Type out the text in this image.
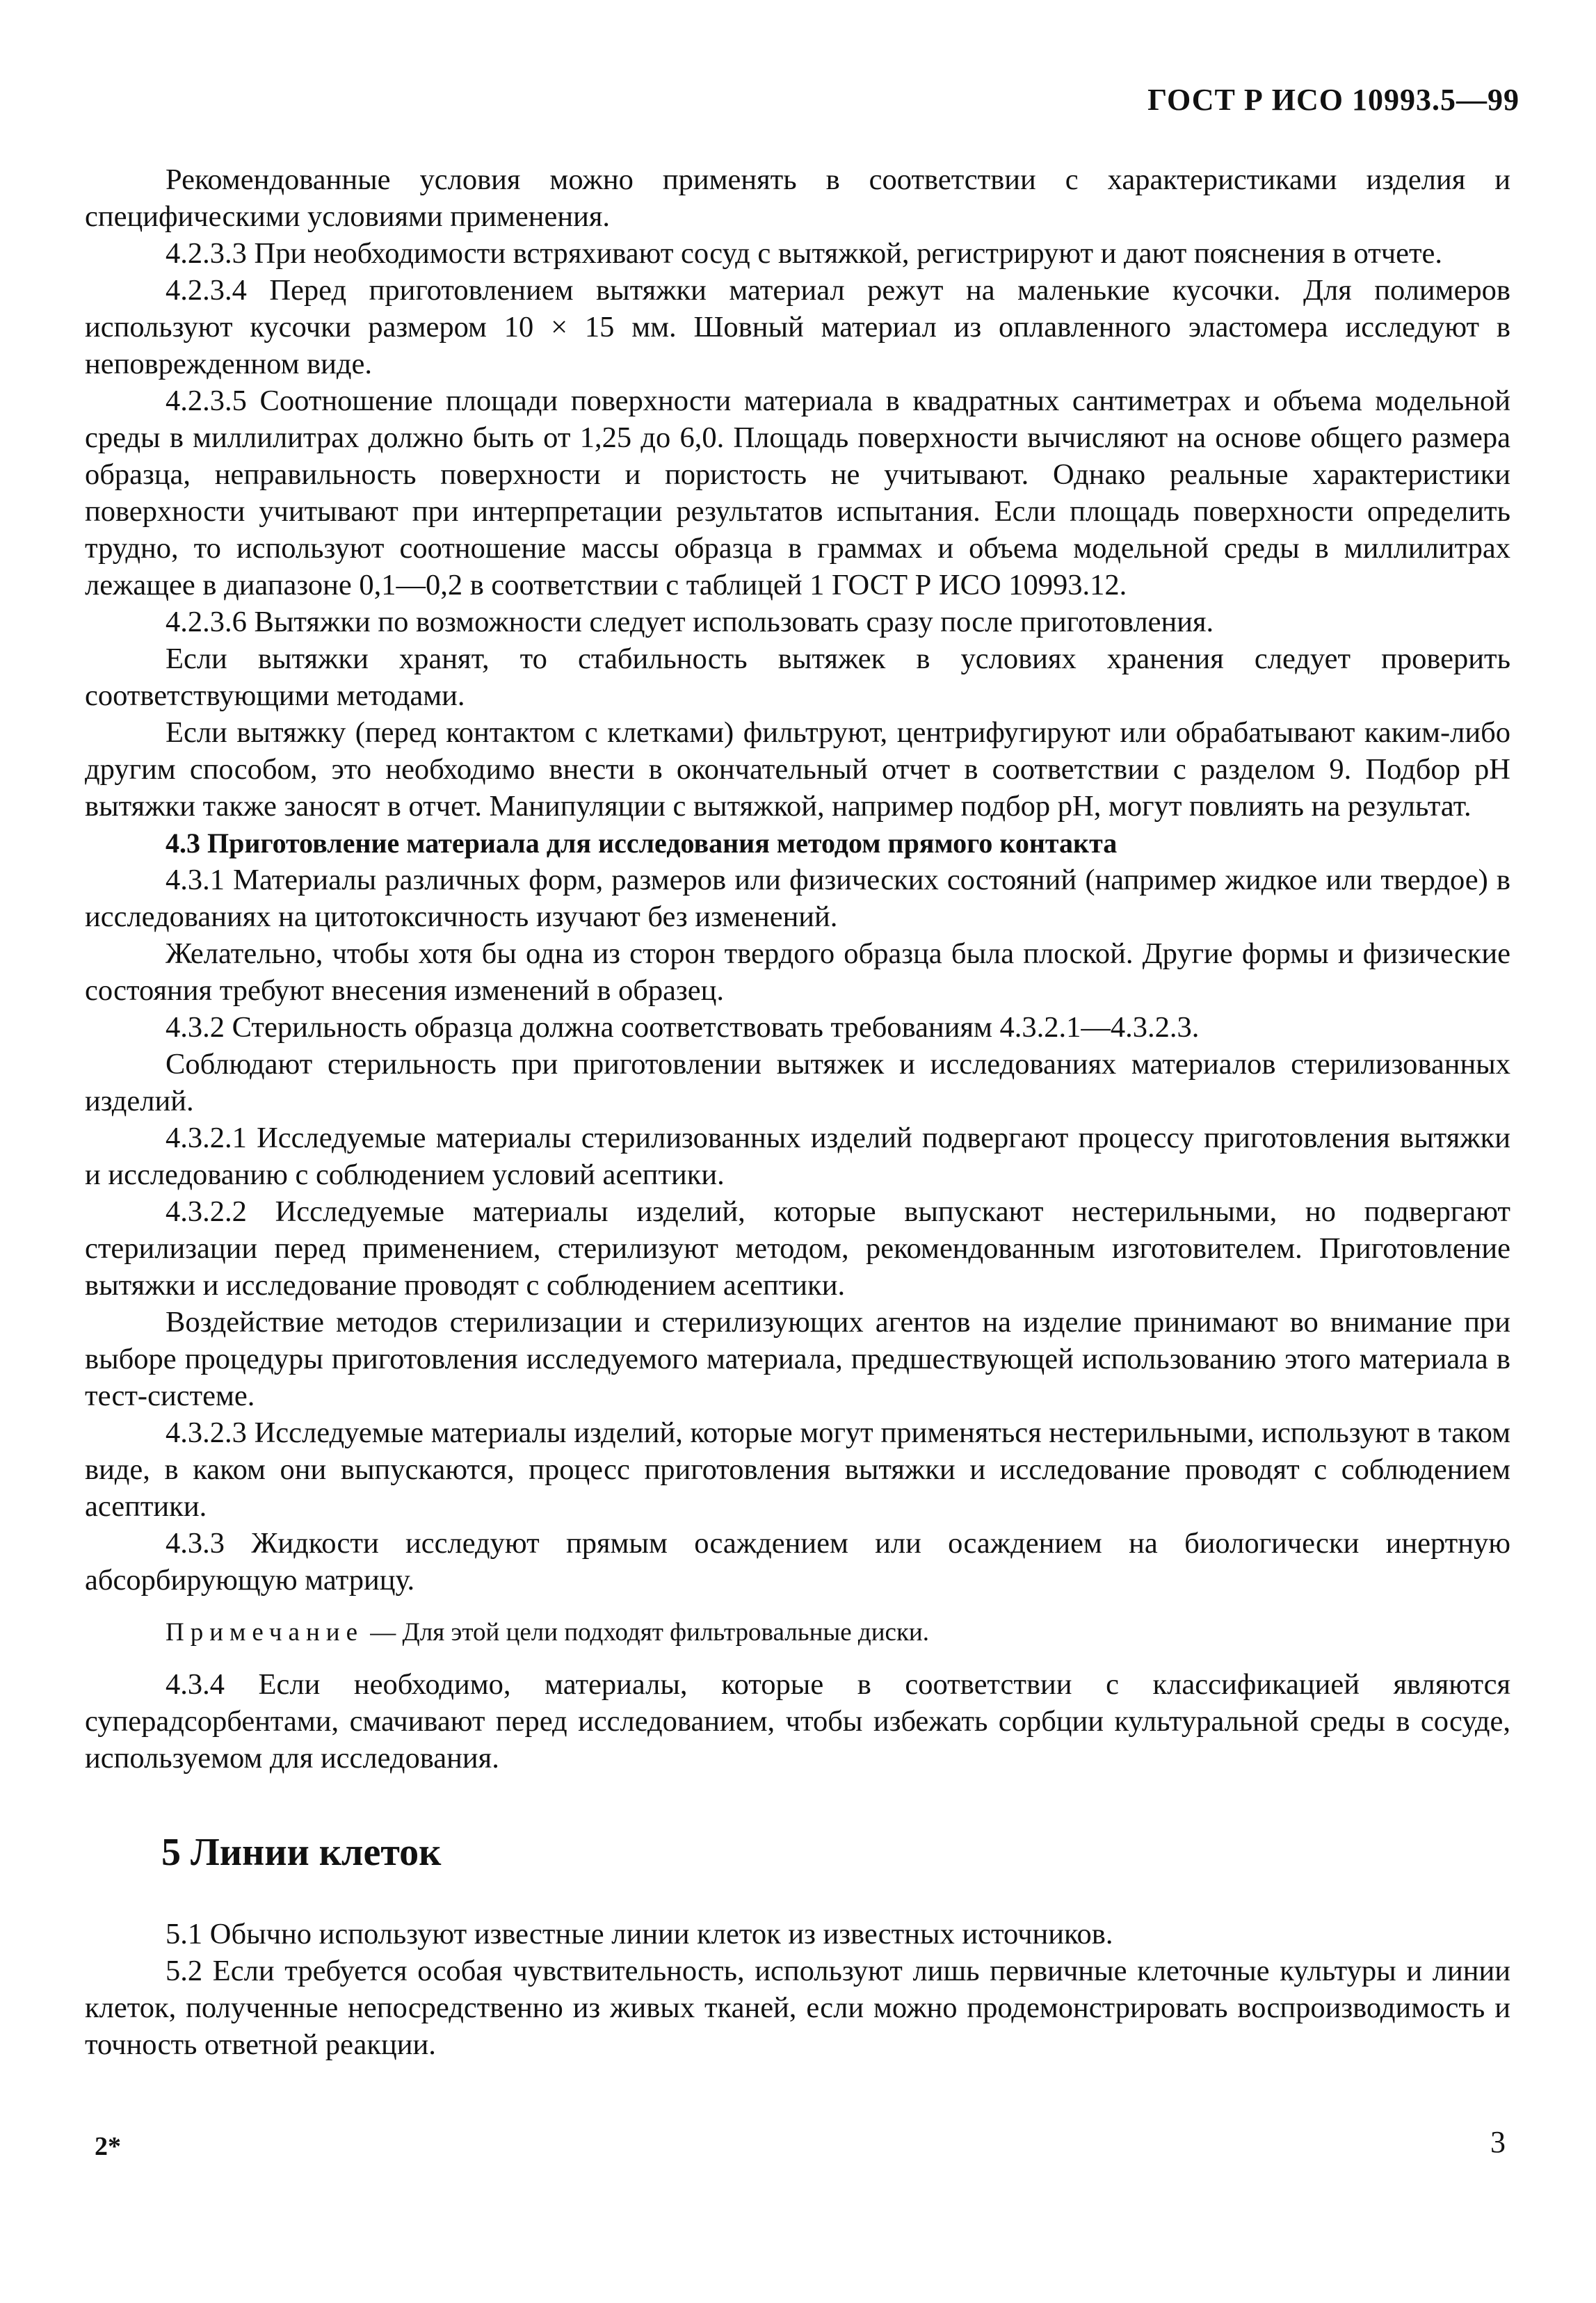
ГОСТ Р ИСО 10993.5—99

Рекомендованные условия можно применять в соответствии с характеристиками изделия и специфическими условиями применения.

4.2.3.3 При необходимости встряхивают сосуд с вытяжкой, регистрируют и дают пояснения в отчете.

4.2.3.4 Перед приготовлением вытяжки материал режут на маленькие кусочки. Для полимеров используют кусочки размером 10 × 15 мм. Шовный материал из оплавленного эластомера исследуют в неповрежденном виде.

4.2.3.5 Соотношение площади поверхности материала в квадратных сантиметрах и объема модельной среды в миллилитрах должно быть от 1,25 до 6,0. Площадь поверхности вычисляют на основе общего размера образца, неправильность поверхности и пористость не учитывают. Однако реальные характеристики поверхности учитывают при интерпретации результатов испытания. Если площадь поверхности определить трудно, то используют соотношение массы образца в граммах и объема модельной среды в миллилитрах лежащее в диапазоне 0,1—0,2 в соответствии с таблицей 1 ГОСТ Р ИСО 10993.12.

4.2.3.6 Вытяжки по возможности следует использовать сразу после приготовления.

Если вытяжки хранят, то стабильность вытяжек в условиях хранения следует проверить соответствующими методами.

Если вытяжку (перед контактом с клетками) фильтруют, центрифугируют или обрабатывают каким-либо другим способом, это необходимо внести в окончательный отчет в соответствии с разделом 9. Подбор pH вытяжки также заносят в отчет. Манипуляции с вытяжкой, например подбор pH, могут повлиять на результат.

4.3 Приготовление материала для исследования методом прямого контакта

4.3.1 Материалы различных форм, размеров или физических состояний (например жидкое или твердое) в исследованиях на цитотоксичность изучают без изменений.

Желательно, чтобы хотя бы одна из сторон твердого образца была плоской. Другие формы и физические состояния требуют внесения изменений в образец.

4.3.2 Стерильность образца должна соответствовать требованиям 4.3.2.1—4.3.2.3.

Соблюдают стерильность при приготовлении вытяжек и исследованиях материалов стерилизованных изделий.

4.3.2.1 Исследуемые материалы стерилизованных изделий подвергают процессу приготовления вытяжки и исследованию с соблюдением условий асептики.

4.3.2.2 Исследуемые материалы изделий, которые выпускают нестерильными, но подвергают стерилизации перед применением, стерилизуют методом, рекомендованным изготовителем. Приготовление вытяжки и исследование проводят с соблюдением асептики.

Воздействие методов стерилизации и стерилизующих агентов на изделие принимают во внимание при выборе процедуры приготовления исследуемого материала, предшествующей использованию этого материала в тест-системе.

4.3.2.3 Исследуемые материалы изделий, которые могут применяться нестерильными, используют в таком виде, в каком они выпускаются, процесс приготовления вытяжки и исследование проводят с соблюдением асептики.

4.3.3 Жидкости исследуют прямым осаждением или осаждением на биологически инертную абсорбирующую матрицу.

Примечание — Для этой цели подходят фильтровальные диски.

4.3.4 Если необходимо, материалы, которые в соответствии с классификацией являются суперадсорбентами, смачивают перед исследованием, чтобы избежать сорбции культуральной среды в сосуде, используемом для исследования.

5 Линии клеток

5.1 Обычно используют известные линии клеток из известных источников.

5.2 Если требуется особая чувствительность, используют лишь первичные клеточные культуры и линии клеток, полученные непосредственно из живых тканей, если можно продемонстрировать воспроизводимость и точность ответной реакции.

2*	3
